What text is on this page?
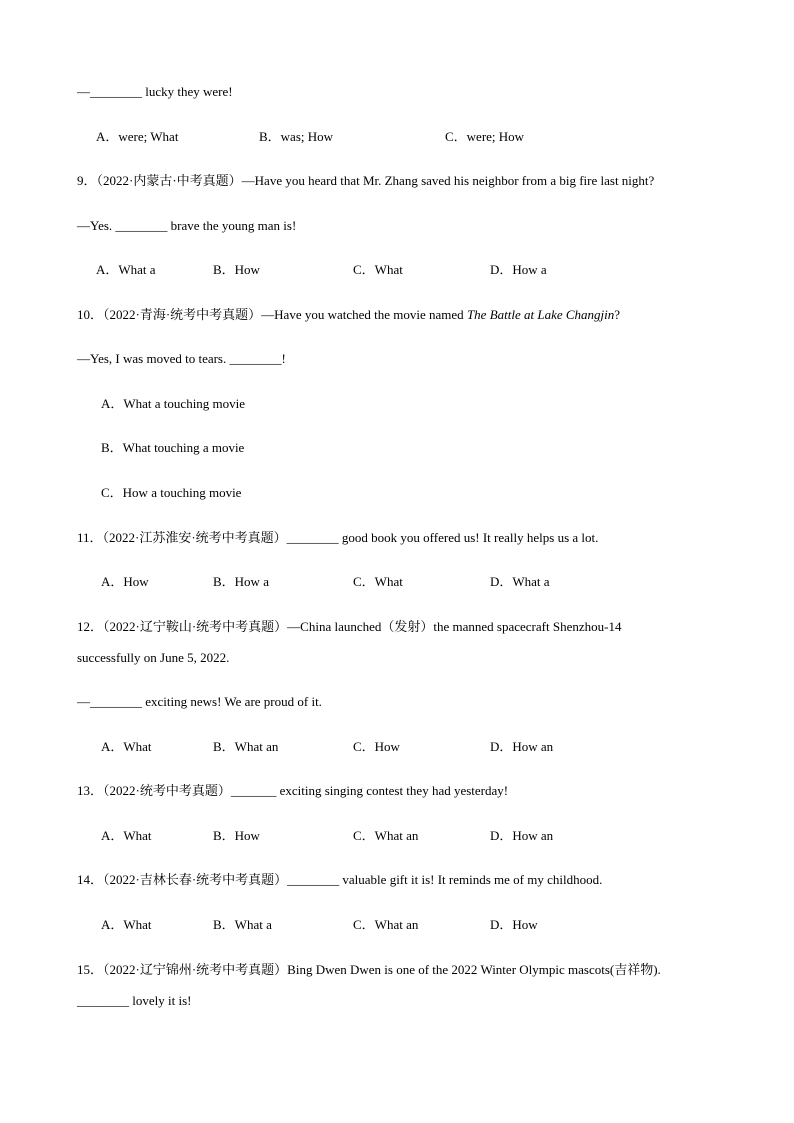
—________ lucky they were!
A．were; What	B．was; How	C．were; How
9．（2022·内蒙古·中考真题）—Have you heard that Mr. Zhang saved his neighbor from a big fire last night?
—Yes. ________ brave the young man is!
A．What a	B．How	C．What	D．How a
10．（2022·青海·统考中考真题）—Have you watched the movie named The Battle at Lake Changjin?
—Yes, I was moved to tears. ________!
A．What a touching movie
B．What touching a movie
C．How a touching movie
11．（2022·江苏淮安·统考中考真题）________ good book you offered us! It really helps us a lot.
A．How	B．How a	C．What	D．What a
12．（2022·辽宁鞍山·统考中考真题）—China launched（发射）the manned spacecraft Shenzhou-14
successfully on June 5, 2022.
—________ exciting news! We are proud of it.
A．What	B．What an	C．How	D．How an
13．（2022·统考中考真题）_______ exciting singing contest they had yesterday!
A．What	B．How	C．What an	D．How an
14．（2022·吉林长春·统考中考真题）________ valuable gift it is! It reminds me of my childhood.
A．What	B．What a	C．What an	D．How
15．（2022·辽宁锦州·统考中考真题）Bing Dwen Dwen is one of the 2022 Winter Olympic mascots(吉祥物).
________ lovely it is!
